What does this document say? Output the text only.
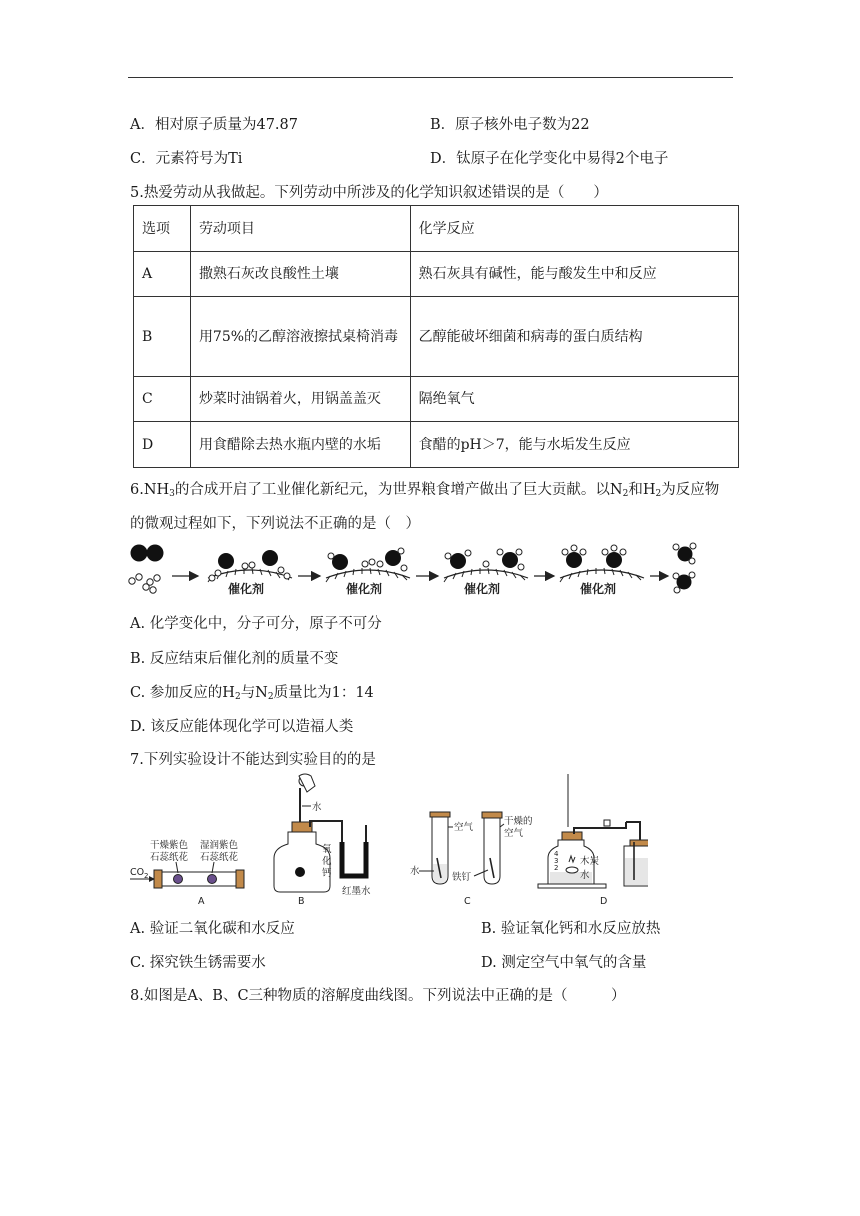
A．相对原子质量为47.87	B．原子核外电子数为22
C．元素符号为Ti	D．钛原子在化学变化中易得2个电子
5.热爱劳动从我做起。下列劳动中所涉及的化学知识叙述错误的是（　　）
选项	劳动项目	化学反应
A	撒熟石灰改良酸性土壤	熟石灰具有碱性，能与酸发生中和反应
B	用75%的乙醇溶液擦拭桌椅消毒	乙醇能破坏细菌和病毒的蛋白质结构
C	炒菜时油锅着火，用锅盖盖灭	隔绝氧气
D	用食醋除去热水瓶内壁的水垢	食醋的pH＞7，能与水垢发生反应
$6.NH_3$的合成开启了工业催化新纪元，为世界粮食增产做出了巨大贡献。以$N_2$和$H_2$为反应物
的微观过程如下，下列说法不正确的是（　）
催化剂	催化剂	催化剂	催化剂
A. 化学变化中，分子可分，原子不可分
B. 反应结束后催化剂的质量不变
C. 参加反应的$H_2$与$N_2$质量比为1：14
D. 该反应能体现化学可以造福人类
7.下列实验设计不能达到实验目的的是
干燥紫色
石蕊纸花
湿润紫色
石蕊纸花
CO 2
A
水
氧
化
钙
红墨水
B
空气
水
干燥的
空气
铁钉
C
4
3
2
木炭
水
D
A. 验证二氧化碳和水反应	B. 验证氧化钙和水反应放热
C. 探究铁生锈需要水	D. 测定空气中氧气的含量
8.如图是A、B、C三种物质的溶解度曲线图。下列说法中正确的是（　　　）
